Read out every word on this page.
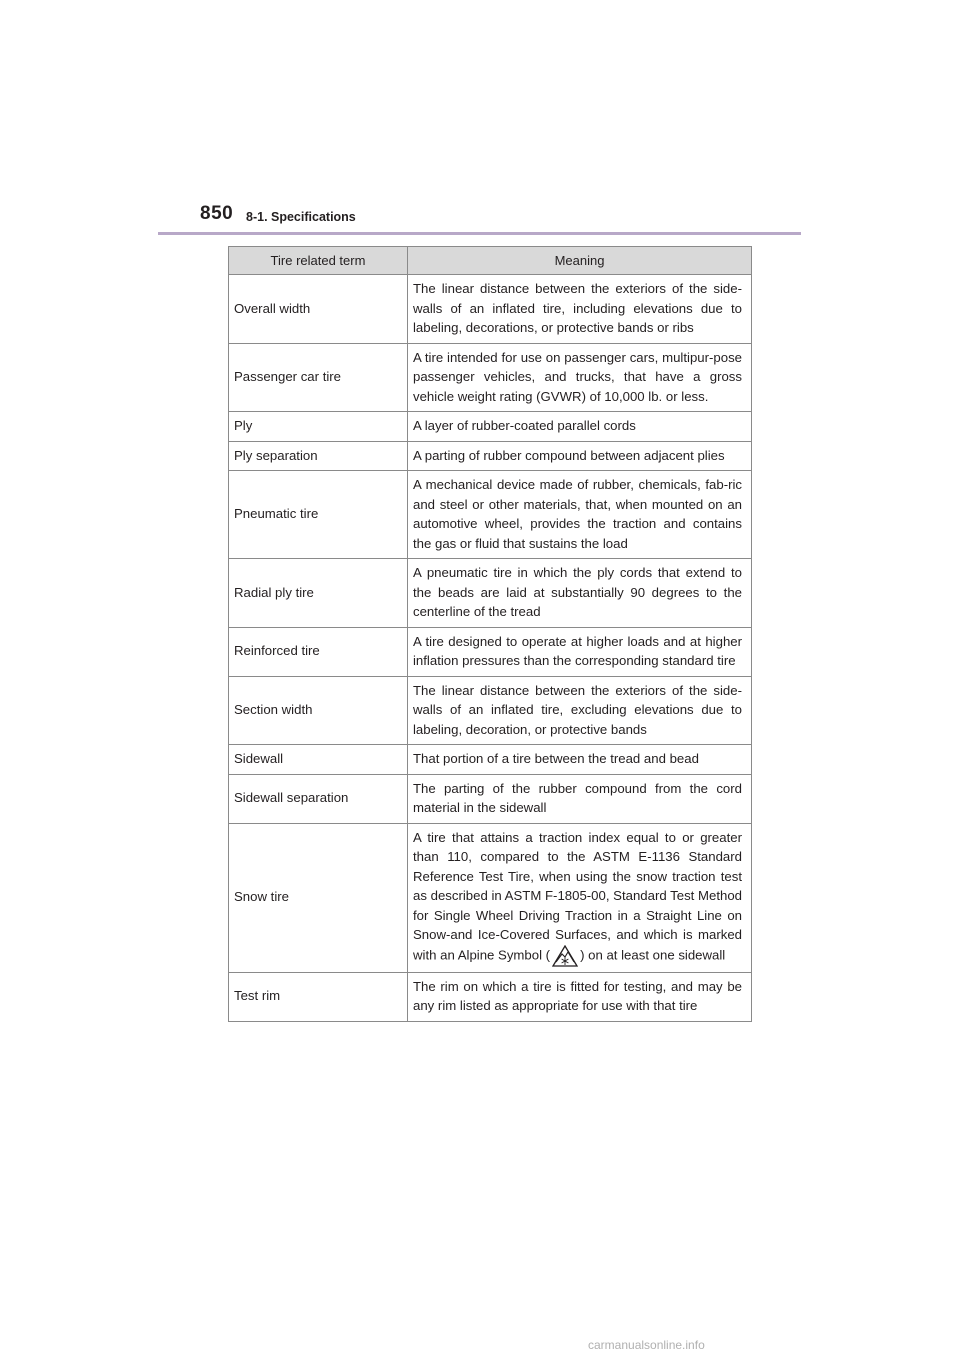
850 8-1. Specifications
Tire related term	Meaning
Overall width	The linear distance between the exteriors of the side-walls of an inflated tire, including elevations due to labeling, decorations, or protective bands or ribs
Passenger car tire	A tire intended for use on passenger cars, multipur-pose passenger vehicles, and trucks, that have a gross vehicle weight rating (GVWR) of 10,000 lb. or less.
Ply	A layer of rubber-coated parallel cords
Ply separation	A parting of rubber compound between adjacent plies
Pneumatic tire	A mechanical device made of rubber, chemicals, fab-ric and steel or other materials, that, when mounted on an automotive wheel, provides the traction and contains the gas or fluid that sustains the load
Radial ply tire	A pneumatic tire in which the ply cords that extend to the beads are laid at substantially 90 degrees to the centerline of the tread
Reinforced tire	A tire designed to operate at higher loads and at higher inflation pressures than the corresponding standard tire
Section width	The linear distance between the exteriors of the side-walls of an inflated tire, excluding elevations due to labeling, decoration, or protective bands
Sidewall	That portion of a tire between the tread and bead
Sidewall separation	The parting of the rubber compound from the cord material in the sidewall
Snow tire	A tire that attains a traction index equal to or greater than 110, compared to the ASTM E-1136 Standard Reference Test Tire, when using the snow traction test as described in ASTM F-1805-00, Standard Test Method for Single Wheel Driving Traction in a Straight Line on Snow-and Ice-Covered Surfaces, and which is marked with an Alpine Symbol ( ) on at least one sidewall
Test rim	The rim on which a tire is fitted for testing, and may be any rim listed as appropriate for use with that tire
carmanualsonline.info
